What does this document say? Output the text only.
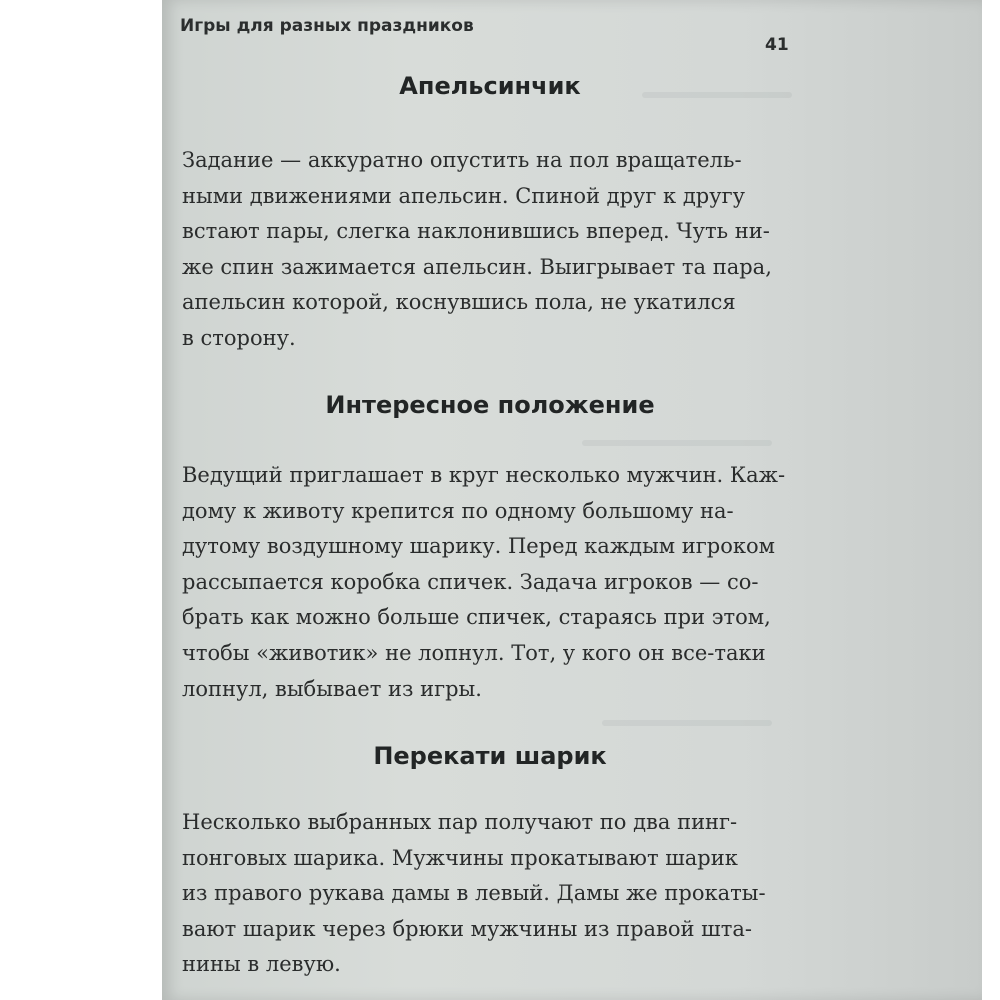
Игры для разных праздников
41
Апельсинчик

Задание — аккуратно опустить на пол вращатель-
ными движениями апельсин. Спиной друг к другу
встают пары, слегка наклонившись вперед. Чуть ни-
же спин зажимается апельсин. Выигрывает та пара,
апельсин которой, коснувшись пола, не укатился
в сторону.

Интересное положение

Ведущий приглашает в круг несколько мужчин. Каж-
дому к животу крепится по одному большому на-
дутому воздушному шарику. Перед каждым игроком
рассыпается коробка спичек. Задача игроков — со-
брать как можно больше спичек, стараясь при этом,
чтобы «животик» не лопнул. Тот, у кого он все-таки
лопнул, выбывает из игры.

Перекати шарик

Несколько выбранных пар получают по два пинг-
понговых шарика. Мужчины прокатывают шарик
из правого рукава дамы в левый. Дамы же прокаты-
вают шарик через брюки мужчины из правой шта-
нины в левую.
